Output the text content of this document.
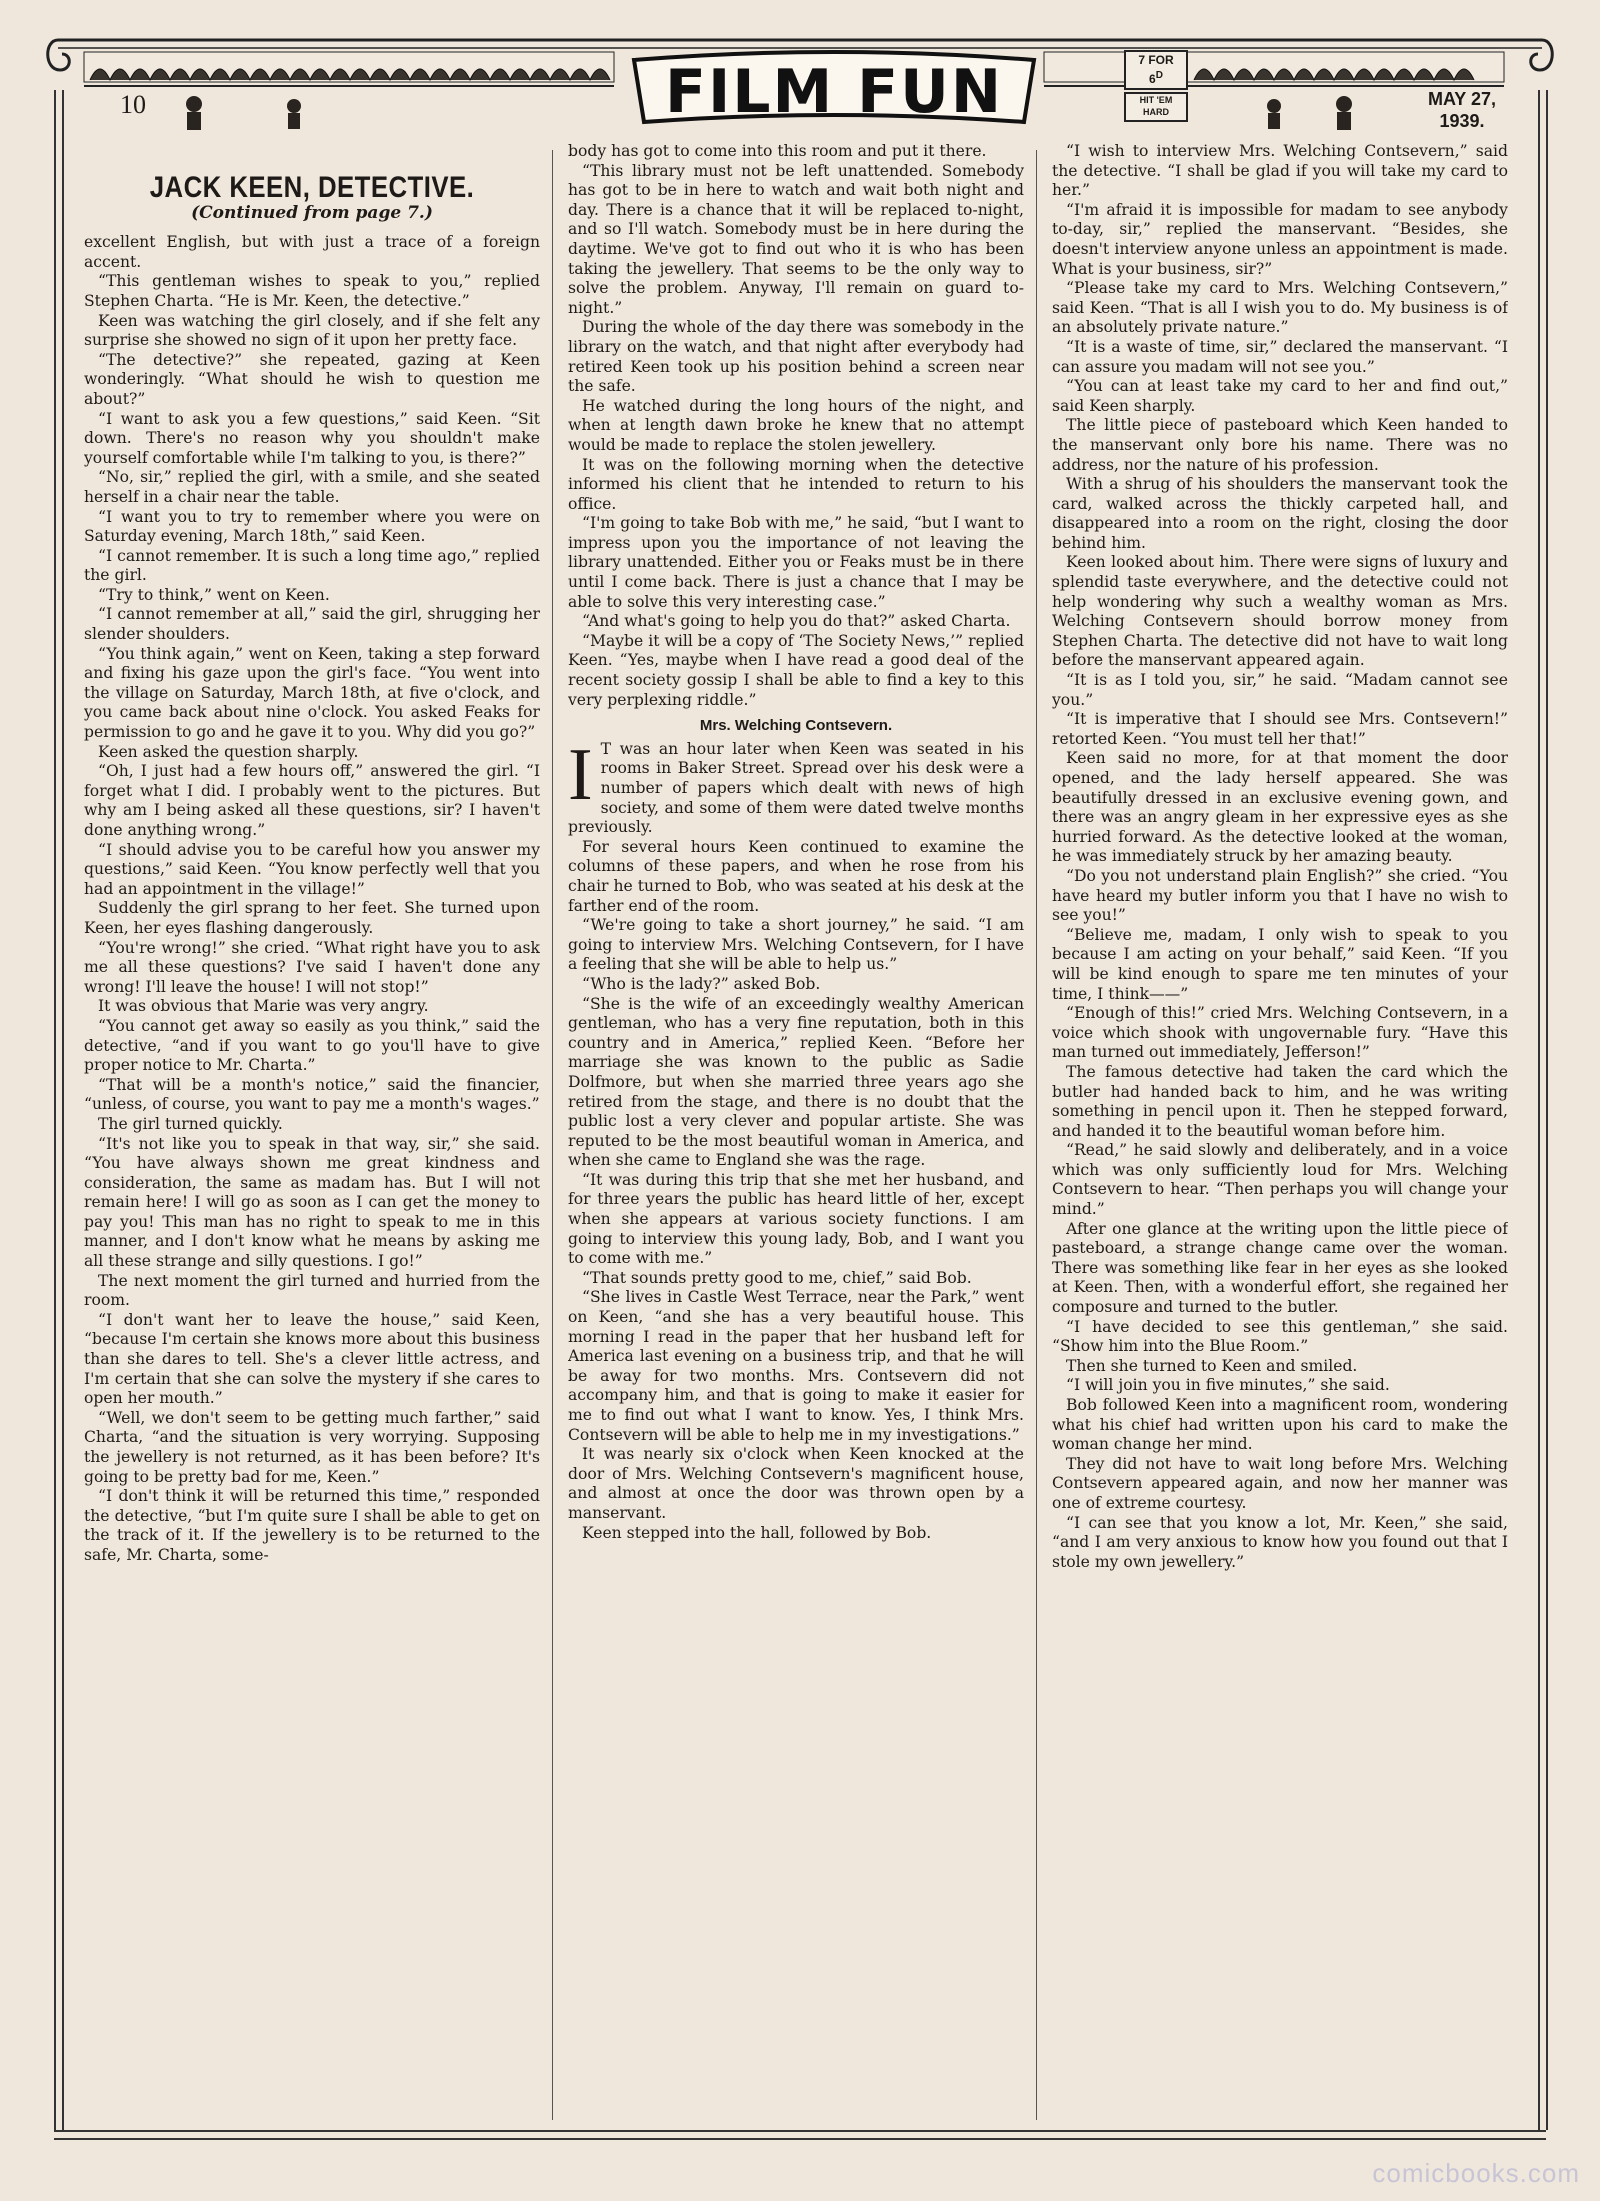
10	FILM FUN	7 FOR
$6^D$
HIT 'EM
HARD
MAY 27,
1939.
JACK KEEN, DETECTIVE.
(Continued from page 7.)

excellent English, but with just a trace of a foreign accent.

“This gentleman wishes to speak to you,” replied Stephen Charta. “He is Mr. Keen, the detective.”

Keen was watching the girl closely, and if she felt any surprise she showed no sign of it upon her pretty face.

“The detective?” she repeated, gazing at Keen wonderingly. “What should he wish to question me about?”

“I want to ask you a few questions,” said Keen. “Sit down. There's no reason why you shouldn't make yourself comfortable while I'm talking to you, is there?”

“No, sir,” replied the girl, with a smile, and she seated herself in a chair near the table.

“I want you to try to remember where you were on Saturday evening, March 18th,” said Keen.

“I cannot remember. It is such a long time ago,” replied the girl.

“Try to think,” went on Keen.

“I cannot remember at all,” said the girl, shrugging her slender shoulders.

“You think again,” went on Keen, taking a step forward and fixing his gaze upon the girl's face. “You went into the village on Saturday, March 18th, at five o'clock, and you came back about nine o'clock. You asked Feaks for permission to go and he gave it to you. Why did you go?”

Keen asked the question sharply.

“Oh, I just had a few hours off,” answered the girl. “I forget what I did. I probably went to the pictures. But why am I being asked all these questions, sir? I haven't done anything wrong.”

“I should advise you to be careful how you answer my questions,” said Keen. “You know perfectly well that you had an appointment in the village!”

Suddenly the girl sprang to her feet. She turned upon Keen, her eyes flashing dangerously.

“You're wrong!” she cried. “What right have you to ask me all these questions? I've said I haven't done any wrong! I'll leave the house! I will not stop!”

It was obvious that Marie was very angry.

“You cannot get away so easily as you think,” said the detective, “and if you want to go you'll have to give proper notice to Mr. Charta.”

“That will be a month's notice,” said the financier, “unless, of course, you want to pay me a month's wages.”

The girl turned quickly.

“It's not like you to speak in that way, sir,” she said. “You have always shown me great kindness and consideration, the same as madam has. But I will not remain here! I will go as soon as I can get the money to pay you! This man has no right to speak to me in this manner, and I don't know what he means by asking me all these strange and silly questions. I go!”

The next moment the girl turned and hurried from the room.

“I don't want her to leave the house,” said Keen, “because I'm certain she knows more about this business than she dares to tell. She's a clever little actress, and I'm certain that she can solve the mystery if she cares to open her mouth.”

“Well, we don't seem to be getting much farther,” said Charta, “and the situation is very worrying. Supposing the jewellery is not returned, as it has been before? It's going to be pretty bad for me, Keen.”

“I don't think it will be returned this time,” responded the detective, “but I'm quite sure I shall be able to get on the track of it. If the jewellery is to be returned to the safe, Mr. Charta, some-

body has got to come into this room and put it there.

“This library must not be left unattended. Somebody has got to be in here to watch and wait both night and day. There is a chance that it will be replaced to-night, and so I'll watch. Somebody must be in here during the daytime. We've got to find out who it is who has been taking the jewellery. That seems to be the only way to solve the problem. Anyway, I'll remain on guard to-night.”

During the whole of the day there was somebody in the library on the watch, and that night after everybody had retired Keen took up his position behind a screen near the safe.

He watched during the long hours of the night, and when at length dawn broke he knew that no attempt would be made to replace the stolen jewellery.

It was on the following morning when the detective informed his client that he intended to return to his office.

“I'm going to take Bob with me,” he said, “but I want to impress upon you the importance of not leaving the library unattended. Either you or Feaks must be in there until I come back. There is just a chance that I may be able to solve this very interesting case.”

“And what's going to help you do that?” asked Charta.

“Maybe it will be a copy of ‘The Society News,’” replied Keen. “Yes, maybe when I have read a good deal of the recent society gossip I shall be able to find a key to this very perplexing riddle.”

Mrs. Welching Contsevern.
I T was an hour later when Keen was seated in his rooms in Baker Street. Spread over his desk were a number of papers which dealt with news of high society, and some of them were dated twelve months previously.

For several hours Keen continued to examine the columns of these papers, and when he rose from his chair he turned to Bob, who was seated at his desk at the farther end of the room.

“We're going to take a short journey,” he said. “I am going to interview Mrs. Welching Contsevern, for I have a feeling that she will be able to help us.”

“Who is the lady?” asked Bob.

“She is the wife of an exceedingly wealthy American gentleman, who has a very fine reputation, both in this country and in America,” replied Keen. “Before her marriage she was known to the public as Sadie Dolfmore, but when she married three years ago she retired from the stage, and there is no doubt that the public lost a very clever and popular artiste. She was reputed to be the most beautiful woman in America, and when she came to England she was the rage.

“It was during this trip that she met her husband, and for three years the public has heard little of her, except when she appears at various society functions. I am going to interview this young lady, Bob, and I want you to come with me.”

“That sounds pretty good to me, chief,” said Bob.

“She lives in Castle West Terrace, near the Park,” went on Keen, “and she has a very beautiful house. This morning I read in the paper that her husband left for America last evening on a business trip, and that he will be away for two months. Mrs. Contsevern did not accompany him, and that is going to make it easier for me to find out what I want to know. Yes, I think Mrs. Contsevern will be able to help me in my investigations.”

It was nearly six o'clock when Keen knocked at the door of Mrs. Welching Contsevern's magnificent house, and almost at once the door was thrown open by a manservant.

Keen stepped into the hall, followed by Bob.

“I wish to interview Mrs. Welching Contsevern,” said the detective. “I shall be glad if you will take my card to her.”

“I'm afraid it is impossible for madam to see anybody to-day, sir,” replied the manservant. “Besides, she doesn't interview anyone unless an appointment is made. What is your business, sir?”

“Please take my card to Mrs. Welching Contsevern,” said Keen. “That is all I wish you to do. My business is of an absolutely private nature.”

“It is a waste of time, sir,” declared the manservant. “I can assure you madam will not see you.”

“You can at least take my card to her and find out,” said Keen sharply.

The little piece of pasteboard which Keen handed to the manservant only bore his name. There was no address, nor the nature of his profession.

With a shrug of his shoulders the manservant took the card, walked across the thickly carpeted hall, and disappeared into a room on the right, closing the door behind him.

Keen looked about him. There were signs of luxury and splendid taste everywhere, and the detective could not help wondering why such a wealthy woman as Mrs. Welching Contsevern should borrow money from Stephen Charta. The detective did not have to wait long before the manservant appeared again.

“It is as I told you, sir,” he said. “Madam cannot see you.”

“It is imperative that I should see Mrs. Contsevern!” retorted Keen. “You must tell her that!”

Keen said no more, for at that moment the door opened, and the lady herself appeared. She was beautifully dressed in an exclusive evening gown, and there was an angry gleam in her expressive eyes as she hurried forward. As the detective looked at the woman, he was immediately struck by her amazing beauty.

“Do you not understand plain English?” she cried. “You have heard my butler inform you that I have no wish to see you!”

“Believe me, madam, I only wish to speak to you because I am acting on your behalf,” said Keen. “If you will be kind enough to spare me ten minutes of your time, I think——”

“Enough of this!” cried Mrs. Welching Contsevern, in a voice which shook with ungovernable fury. “Have this man turned out immediately, Jefferson!”

The famous detective had taken the card which the butler had handed back to him, and he was writing something in pencil upon it. Then he stepped forward, and handed it to the beautiful woman before him.

“Read,” he said slowly and deliberately, and in a voice which was only sufficiently loud for Mrs. Welching Contsevern to hear. “Then perhaps you will change your mind.”

After one glance at the writing upon the little piece of pasteboard, a strange change came over the woman. There was something like fear in her eyes as she looked at Keen. Then, with a wonderful effort, she regained her composure and turned to the butler.

“I have decided to see this gentleman,” she said. “Show him into the Blue Room.”

Then she turned to Keen and smiled.

“I will join you in five minutes,” she said.

Bob followed Keen into a magnificent room, wondering what his chief had written upon his card to make the woman change her mind.

They did not have to wait long before Mrs. Welching Contsevern appeared again, and now her manner was one of extreme courtesy.

“I can see that you know a lot, Mr. Keen,” she said, “and I am very anxious to know how you found out that I stole my own jewellery.”

comicbooks.com
